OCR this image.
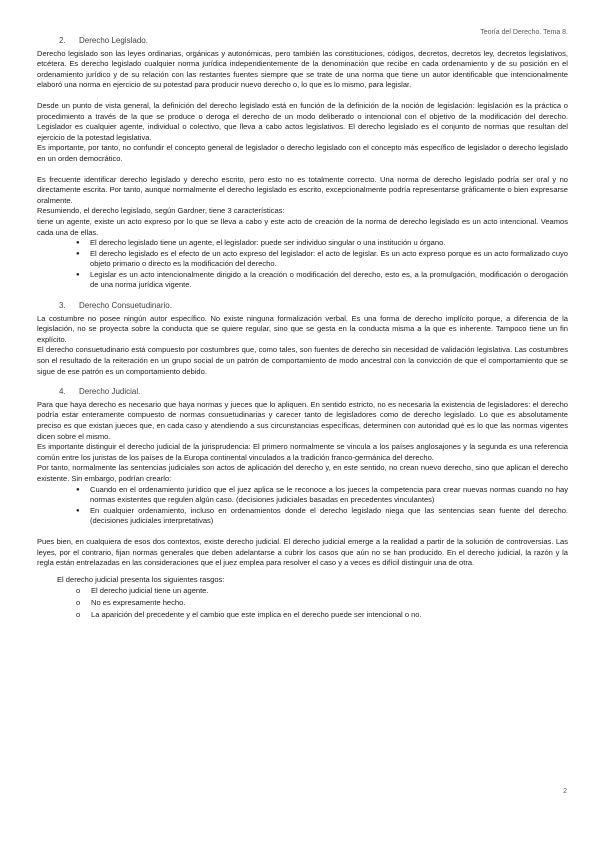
Teoría del Derecho. Tema 8.
2. Derecho Legislado.

Derecho legislado son las leyes ordinarias, orgánicas y autonómicas, pero también las constituciones, códigos, decretos, decretos ley, decretos legislativos, etcétera. Es derecho legislado cualquier norma jurídica independientemente de la denominación que recibe en cada ordenamiento y de su posición en el ordenamiento jurídico y de su relación con las restantes fuentes siempre que se trate de una norma que tiene un autor identificable que intencionalmente elaboró una norma en ejercicio de su potestad para producir nuevo derecho o, lo que es lo mismo, para legislar.

Desde un punto de vista general, la definición del derecho legislado está en función de la definición de la noción de legislación: legislación es la práctica o procedimiento a través de la que se produce o deroga el derecho de un modo deliberado o intencional con el objetivo de la modificación del derecho. Legislador es cualquier agente, individual o colectivo, que lleva a cabo actos legislativos. El derecho legislado es el conjunto de normas que resultan del ejercicio de la potestad legislativa.

Es importante, por tanto, no confundir el concepto general de legislador o derecho legislado con el concepto más específico de legislador o derecho legislado en un orden democrático.

Es frecuente identificar derecho legislado y derecho escrito, pero esto no es totalmente correcto. Una norma de derecho legislado podría ser oral y no directamente escrita. Por tanto, aunque normalmente el derecho legislado es escrito, excepcionalmente podría representarse gráficamente o bien expresarse oralmente.

Resumiendo, el derecho legislado, según Gardner, tiene 3 características:

tiene un agente, existe un acto expreso por lo que se lleva a cabo y este acto de creación de la norma de derecho legislado es un acto intencional. Veamos cada una de ellas.

● El derecho legislado tiene un agente, el legislador: puede ser individuo singular o una institución u órgano.
● El derecho legislado es el efecto de un acto expreso del legislador: el acto de legislar. Es un acto expreso porque es un acto formalizado cuyo objeto primario o directo es la modificación del derecho.
● Legislar es un acto intencionalmente dirigido a la creación o modificación del derecho, esto es, a la promulgación, modificación o derogación de una norma jurídica vigente.
3. Derecho Consuetudinario.

La costumbre no posee ningún autor específico. No existe ninguna formalización verbal. Es una forma de derecho implícito porque, a diferencia de la legislación, no se proyecta sobre la conducta que se quiere regular, sino que se gesta en la conducta misma a la que es inherente. Tampoco tiene un fin explícito.

El derecho consuetudinario está compuesto por costumbres que, como tales, son fuentes de derecho sin necesidad de validación legislativa. Las costumbres son el resultado de la reiteración en un grupo social de un patrón de comportamiento de modo ancestral con la convicción de que el comportamiento que se sigue de ese patrón es un comportamiento debido.

4. Derecho Judicial.

Para que haya derecho es necesario que haya normas y jueces que lo apliquen. En sentido estricto, no es necesaria la existencia de legisladores: el derecho podría estar enteramente compuesto de normas consuetudinarias y carecer tanto de legisladores como de derecho legislado. Lo que es absolutamente preciso es que existan jueces que, en cada caso y atendiendo a sus circunstancias específicas, determinen con autoridad qué es lo que las normas vigentes dicen sobre el mismo.

Es importante distinguir el derecho judicial de la jurisprudencia: El primero normalmente se vincula a los países anglosajones y la segunda es una referencia común entre los juristas de los países de la Europa continental vinculados a la tradición franco-germánica del derecho.

Por tanto, normalmente las sentencias judiciales son actos de aplicación del derecho y, en este sentido, no crean nuevo derecho, sino que aplican el derecho existente. Sin embargo, podrían crearlo:

● Cuando en el ordenamiento jurídico que el juez aplica se le reconoce a los jueces la competencia para crear nuevas normas cuando no hay normas existentes que regulen algún caso. (decisiones judiciales basadas en precedentes vinculantes)
● En cualquier ordenamiento, incluso en ordenamientos donde el derecho legislado niega que las sentencias sean fuente del derecho. (decisiones judiciales interpretativas)

Pues bien, en cualquiera de esos dos contextos, existe derecho judicial. El derecho judicial emerge a la realidad a partir de la solución de controversias. Las leyes, por el contrario, fijan normas generales que deben adelantarse a cubrir los casos que aún no se han producido. En el derecho judicial, la razón y la regla están entrelazadas en las consideraciones que el juez emplea para resolver el caso y a veces es difícil distinguir una de otra.

El derecho judicial presenta los siguientes rasgos:

o El derecho judicial tiene un agente.
o No es expresamente hecho.
o La aparición del precedente y el cambio que este implica en el derecho puede ser intencional o no.
2
